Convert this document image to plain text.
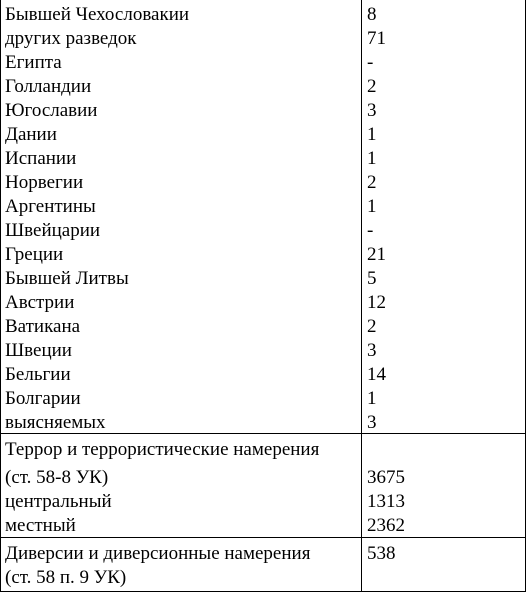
Бывшей Чехословакии	8
других разведок	71
Египта	-
Голландии	2
Югославии	3
Дании	1
Испании	1
Норвегии	2
Аргентины	1
Швейцарии	-
Греции	21
Бывшей Литвы	5
Австрии	12
Ватикана	2
Швеции	3
Бельгии	14
Болгарии	1
выясняемых	3
Террор и террористические намерения
(ст. 58-8 УК)	3675
центральный	1313
местный	2362
Диверсии и диверсионные намерения	538
(ст. 58 п. 9 УК)
